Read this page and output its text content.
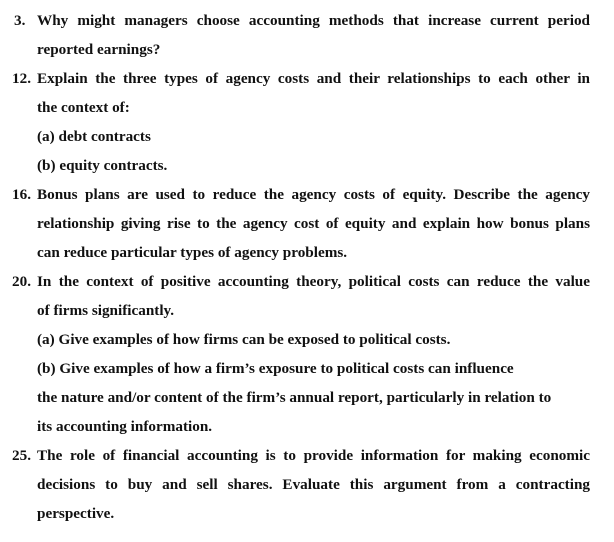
3. Why might managers choose accounting methods that increase current period
reported earnings?
12. Explain the three types of agency costs and their relationships to each other in
the context of:
(a) debt contracts
(b) equity contracts.
16. Bonus plans are used to reduce the agency costs of equity. Describe the agency
relationship giving rise to the agency cost of equity and explain how bonus plans
can reduce particular types of agency problems.
20. In the context of positive accounting theory, political costs can reduce the value
of firms significantly.
(a) Give examples of how firms can be exposed to political costs.
(b) Give examples of how a firm’s exposure to political costs can influence
the nature and/or content of the firm’s annual report, particularly in relation to
its accounting information.
25. The role of financial accounting is to provide information for making economic
decisions to buy and sell shares. Evaluate this argument from a contracting
perspective.
